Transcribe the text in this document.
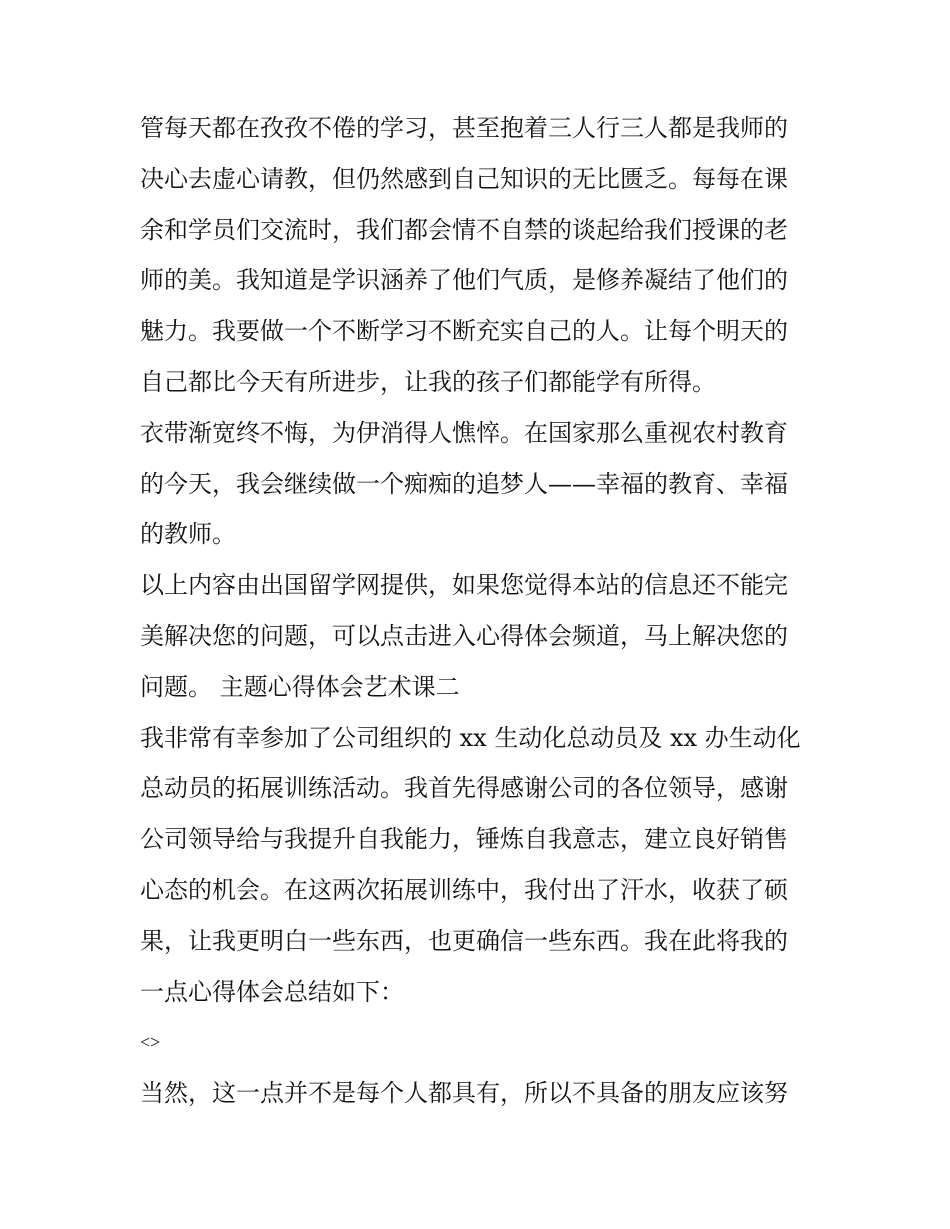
管每天都在孜孜不倦的学习，甚至抱着三人行三人都是我师的
决心去虚心请教，但仍然感到自己知识的无比匮乏。每每在课
余和学员们交流时，我们都会情不自禁的谈起给我们授课的老
师的美。我知道是学识涵养了他们气质，是修养凝结了他们的
魅力。我要做一个不断学习不断充实自己的人。让每个明天的
自己都比今天有所进步，让我的孩子们都能学有所得。
衣带渐宽终不悔，为伊消得人憔悴。在国家那么重视农村教育
的今天，我会继续做一个痴痴的追梦人——幸福的教育、幸福
的教师。
以上内容由出国留学网提供，如果您觉得本站的信息还不能完
美解决您的问题，可以点击进入心得体会频道，马上解决您的
问题。 主题心得体会艺术课二
我非常有幸参加了公司组织的 xx 生动化总动员及 xx 办生动化
总动员的拓展训练活动。我首先得感谢公司的各位领导，感谢
公司领导给与我提升自我能力，锤炼自我意志，建立良好销售
心态的机会。在这两次拓展训练中，我付出了汗水，收获了硕
果，让我更明白一些东西，也更确信一些东西。我在此将我的
一点心得体会总结如下：
<>
当然，这一点并不是每个人都具有，所以不具备的朋友应该努
